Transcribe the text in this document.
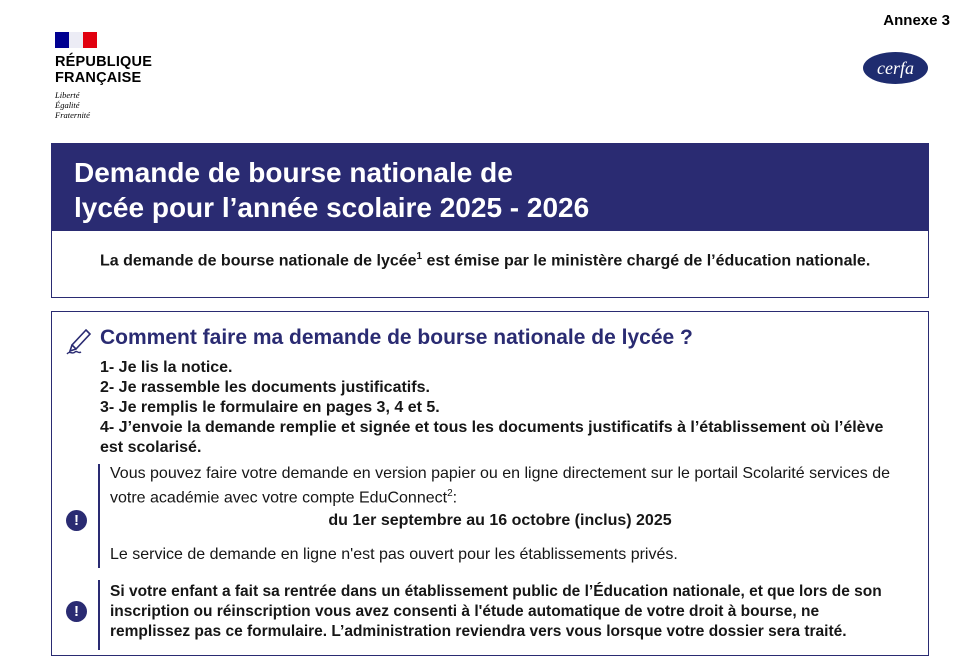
Annexe 3
RÉPUBLIQUE
FRANÇAISE
Liberté
Égalité
Fraternité
cerfa
Demande de bourse nationale de
lycée pour l’année scolaire 2025 - 2026
La demande de bourse nationale de lycée$^1$ est émise par le ministère chargé de l’éducation nationale.
Comment faire ma demande de bourse nationale de lycée ?
1- Je lis la notice.
2- Je rassemble les documents justificatifs.
3- Je remplis le formulaire en pages 3, 4 et 5.
4- J’envoie la demande remplie et signée et tous les documents justificatifs à l’établissement où l’élève est scolarisé.
!
Vous pouvez faire votre demande en version papier ou en ligne directement sur le portail Scolarité services de votre académie avec votre compte EduConnect$^2$:
du 1er septembre au 16 octobre (inclus) 2025
Le service de demande en ligne n'est pas ouvert pour les établissements privés.
!
Si votre enfant a fait sa rentrée dans un établissement public de l’Éducation nationale, et que lors de son inscription ou réinscription vous avez consenti à l'étude automatique de votre droit à bourse, ne remplissez pas ce formulaire. L’administration reviendra vers vous lorsque votre dossier sera traité.
